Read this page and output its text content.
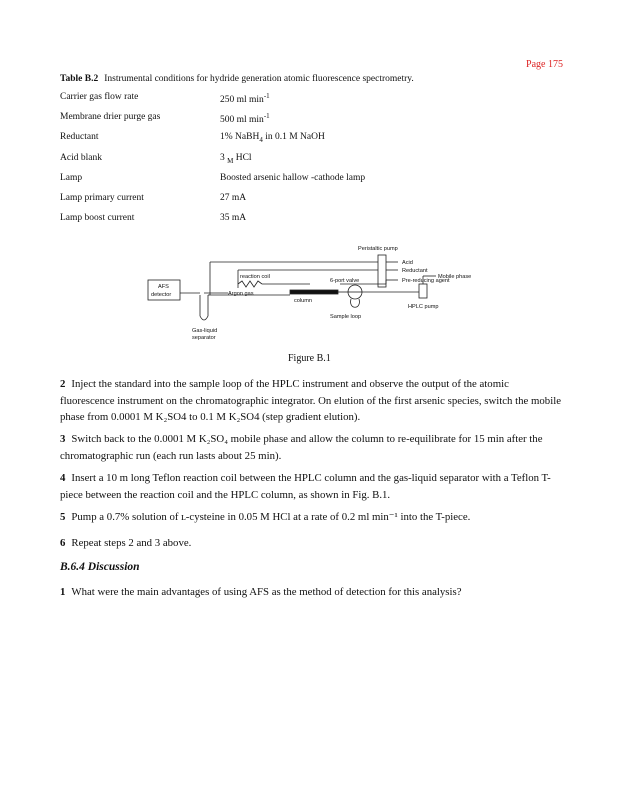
Page 175
Table B.2 Instrumental conditions for hydride generation atomic fluorescence spectrometry.
Carrier gas flow rate	250 ml $\min^{-1}$
Membrane drier purge gas	500 ml $\min^{-1}$
Reductant	1% NaBH$_4$ in 0.1 M NaOH
Acid blank	3 $_M$ HCl
Lamp	Boosted arsenic hallow -cathode lamp
Lamp primary current	27 mA
Lamp boost current	35 mA
Peristaltic pump
Acid
Reductant
Pre-reducing agent
Mobile phase
HPLC pump
reaction coil
6-port valve
column
Sample loop
AFS
detector	Argon gas
Gas-liquid
separator
Figure B.1
2 Inject the standard into the sample loop of the HPLC instrument and observe the output of the atomic fluorescence instrument on the chromatographic integrator. On elution of the first arsenic species, switch the mobile phase from 0.0001 M K₂SO4 to 0.1 M K₂SO4 (step gradient elution).
3 Switch back to the 0.0001 M K₂SO₄ mobile phase and allow the column to re-equilibrate for 15 min after the chromatographic run (each run lasts about 25 min).
4 Insert a 10 m long Teflon reaction coil between the HPLC column and the gas-liquid separator with a Teflon T-piece between the reaction coil and the HPLC column, as shown in Fig. B.1.
5 Pump a 0.7% solution of ʟ-cysteine in 0.05 M HCl at a rate of 0.2 ml min⁻¹ into the T-piece.
6 Repeat steps 2 and 3 above.
B.6.4 Discussion
1 What were the main advantages of using AFS as the method of detection for this analysis?
